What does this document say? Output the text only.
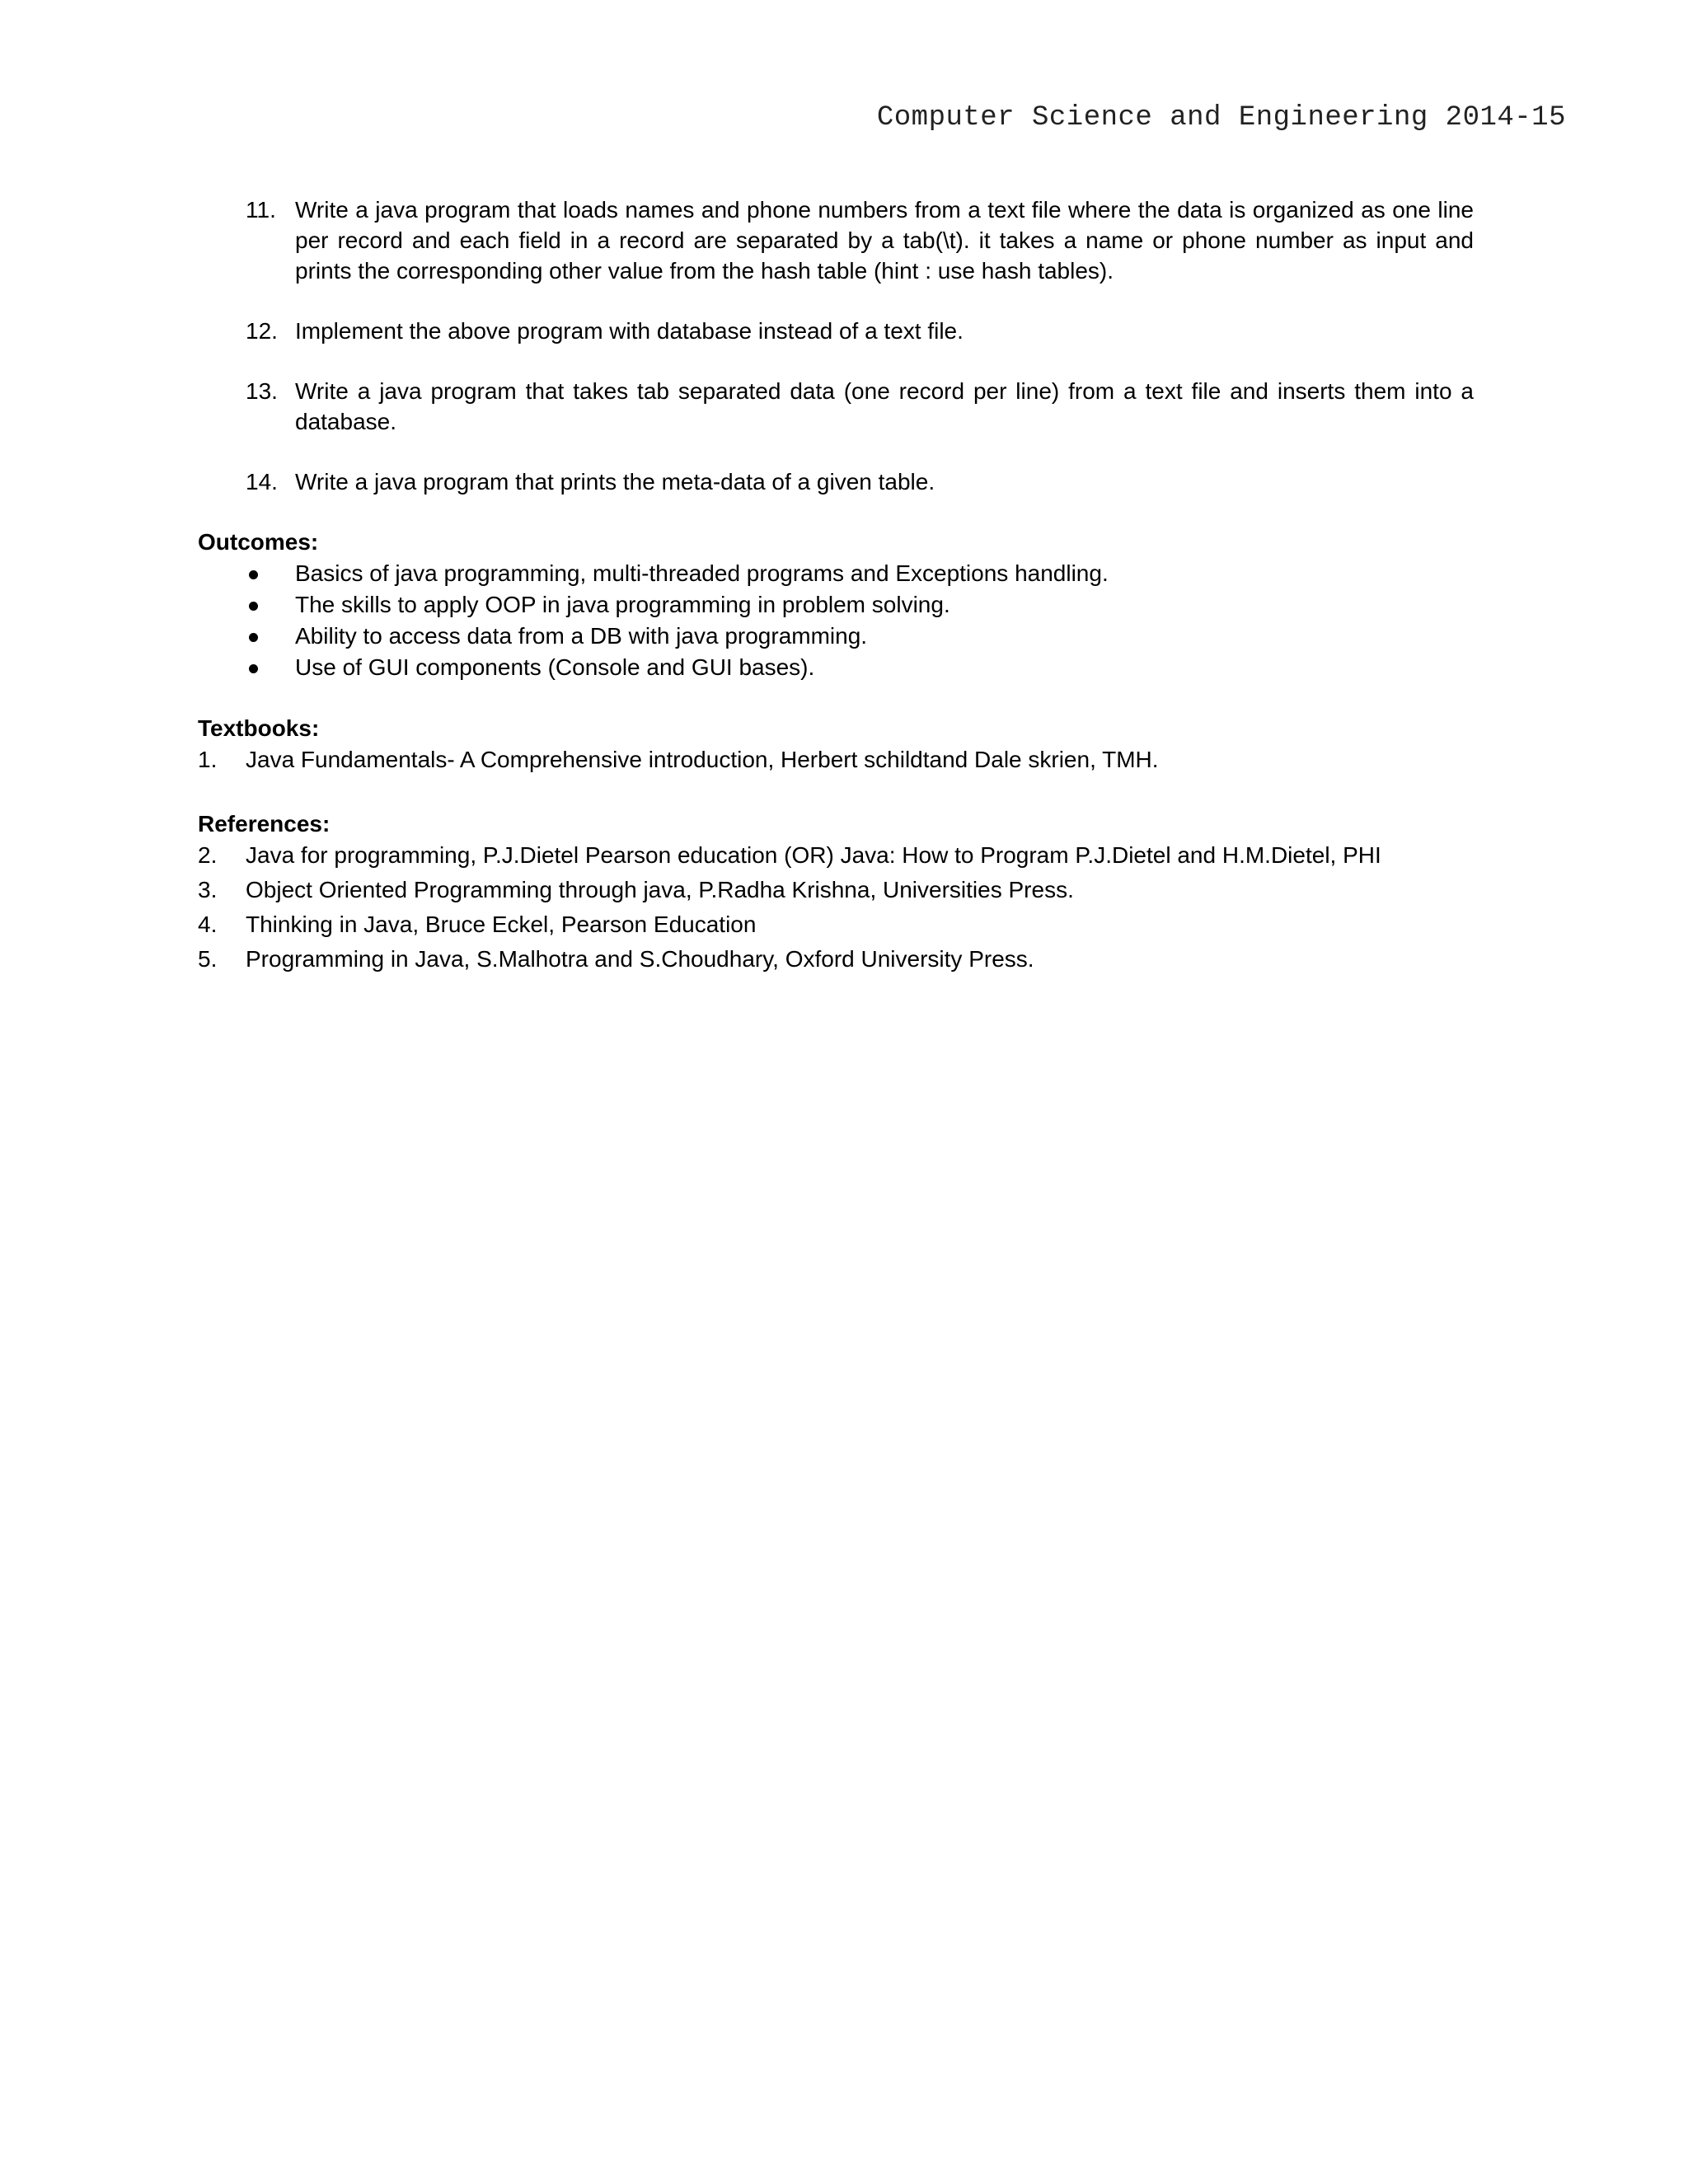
Computer Science and Engineering 2014-15
11. Write a java program that loads names and phone numbers from a text file where the data is organized as one line per record and each field in a record are separated by a tab(\t). it takes a name or phone number as input and prints the corresponding other value from the hash table (hint : use hash tables).
12. Implement the above program with database instead of a text file.
13. Write a java program that takes tab separated data (one record per line) from a text file and inserts them into a database.
14. Write a java program that prints the meta-data of a given table.
Outcomes:
Basics of java programming, multi-threaded programs and Exceptions handling.
The skills to apply OOP in java programming in problem solving.
Ability to access data from a DB with java programming.
Use of GUI components (Console and GUI bases).
Textbooks:
1.	Java Fundamentals- A Comprehensive introduction, Herbert schildtand Dale skrien, TMH.
References:
2.	Java for programming, P.J.Dietel Pearson education (OR) Java: How to Program P.J.Dietel and H.M.Dietel, PHI
3.	Object Oriented Programming through java, P.Radha Krishna, Universities Press.
4.	Thinking in Java, Bruce Eckel, Pearson Education
5.	Programming in Java, S.Malhotra and S.Choudhary, Oxford University Press.
